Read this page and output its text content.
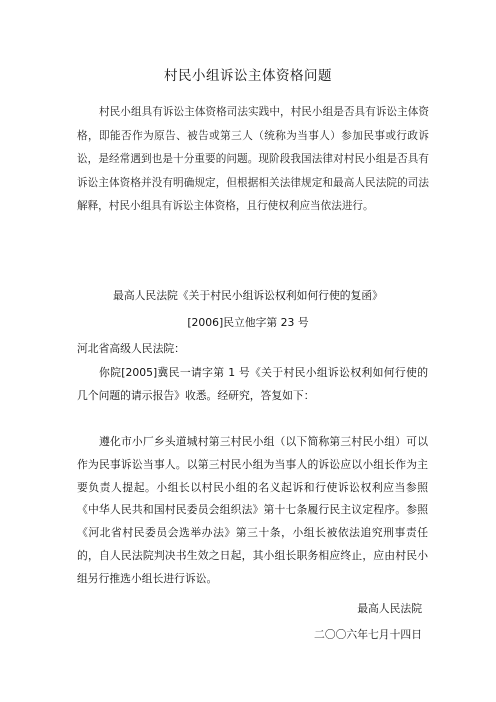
村民小组诉讼主体资格问题
村民小组具有诉讼主体资格司法实践中，村民小组是否具有诉讼主体资格，即能否作为原告、被告或第三人（统称为当事人）参加民事或行政诉讼，是经常遇到也是十分重要的问题。现阶段我国法律对村民小组是否具有诉讼主体资格并没有明确规定，但根据相关法律规定和最高人民法院的司法解释，村民小组具有诉讼主体资格，且行使权利应当依法进行。
最高人民法院《关于村民小组诉讼权利如何行使的复函》
[2006]民立他字第 23 号
河北省高级人民法院：
你院[2005]冀民一请字第 1 号《关于村民小组诉讼权利如何行使的几个问题的请示报告》收悉。经研究，答复如下：
遵化市小厂乡头道城村第三村民小组（以下简称第三村民小组）可以作为民事诉讼当事人。以第三村民小组为当事人的诉讼应以小组长作为主要负责人提起。小组长以村民小组的名义起诉和行使诉讼权利应当参照《中华人民共和国村民委员会组织法》第十七条履行民主议定程序。参照《河北省村民委员会选举办法》第三十条，小组长被依法追究刑事责任的，自人民法院判决书生效之日起，其小组长职务相应终止，应由村民小组另行推选小组长进行诉讼。
最高人民法院
二〇〇六年七月十四日
